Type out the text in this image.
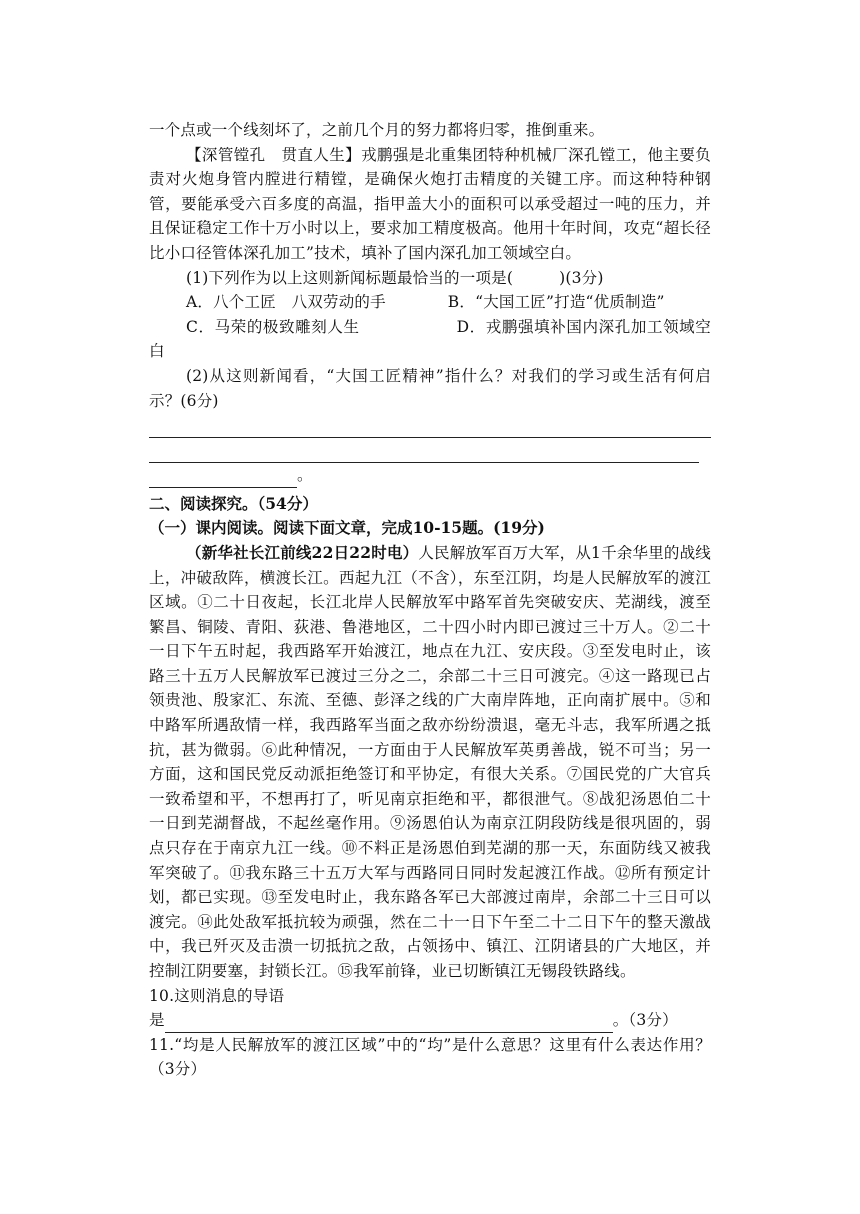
一个点或一个线刻坏了，之前几个月的努力都将归零，推倒重来。

【深管镗孔　贯直人生】戎鹏强是北重集团特种机械厂深孔镗工，他主要负责对火炮身管内膛进行精镗，是确保火炮打击精度的关键工序。而这种特种钢管，要能承受六百多度的高温，指甲盖大小的面积可以承受超过一吨的压力，并且保证稳定工作十万小时以上，要求加工精度极高。他用十年时间，攻克“超长径比小口径管体深孔加工”技术，填补了国内深孔加工领域空白。

(1)下列作为以上这则新闻标题最恰当的一项是(	)(3分)

A．八个工匠　八双劳动的手	B．“大国工匠”打造“优质制造”

C．马荣的极致雕刻人生	D．戎鹏强填补国内深孔加工领域空白

(2)从这则新闻看，“大国工匠精神”指什么？对我们的学习或生活有何启示？(6分)

。

二、阅读探究。（54分）
（一）课内阅读。阅读下面文章，完成10-15题。(19分)

（新华社长江前线22日22时电）人民解放军百万大军，从1千余华里的战线上，冲破敌阵，横渡长江。西起九江（不含），东至江阴，均是人民解放军的渡江区域。①二十日夜起，长江北岸人民解放军中路军首先突破安庆、芜湖线，渡至繁昌、铜陵、青阳、荻港、鲁港地区，二十四小时内即已渡过三十万人。②二十一日下午五时起，我西路军开始渡江，地点在九江、安庆段。③至发电时止，该路三十五万人民解放军已渡过三分之二，余部二十三日可渡完。④这一路现已占领贵池、殷家汇、东流、至德、彭泽之线的广大南岸阵地，正向南扩展中。⑤和中路军所遇敌情一样，我西路军当面之敌亦纷纷溃退，毫无斗志，我军所遇之抵抗，甚为微弱。⑥此种情况，一方面由于人民解放军英勇善战，锐不可当；另一方面，这和国民党反动派拒绝签订和平协定，有很大关系。⑦国民党的广大官兵一致希望和平，不想再打了，听见南京拒绝和平，都很泄气。⑧战犯汤恩伯二十一日到芜湖督战，不起丝毫作用。⑨汤恩伯认为南京江阴段防线是很巩固的，弱点只存在于南京九江一线。⑩不料正是汤恩伯到芜湖的那一天，东面防线又被我军突破了。⑪我东路三十五万大军与西路同日同时发起渡江作战。⑫所有预定计划，都已实现。⑬至发电时止，我东路各军已大部渡过南岸，余部二十三日可以渡完。⑭此处敌军抵抗较为顽强，然在二十一日下午至二十二日下午的整天激战中，我已歼灭及击溃一切抵抗之敌，占领扬中、镇江、江阴诸县的广大地区，并控制江阴要塞，封锁长江。⑮我军前锋，业已切断镇江无锡段铁路线。

10.这则消息的导语

是	。（3分）

11.“均是人民解放军的渡江区域”中的“均”是什么意思？这里有什么表达作用？（3分）
